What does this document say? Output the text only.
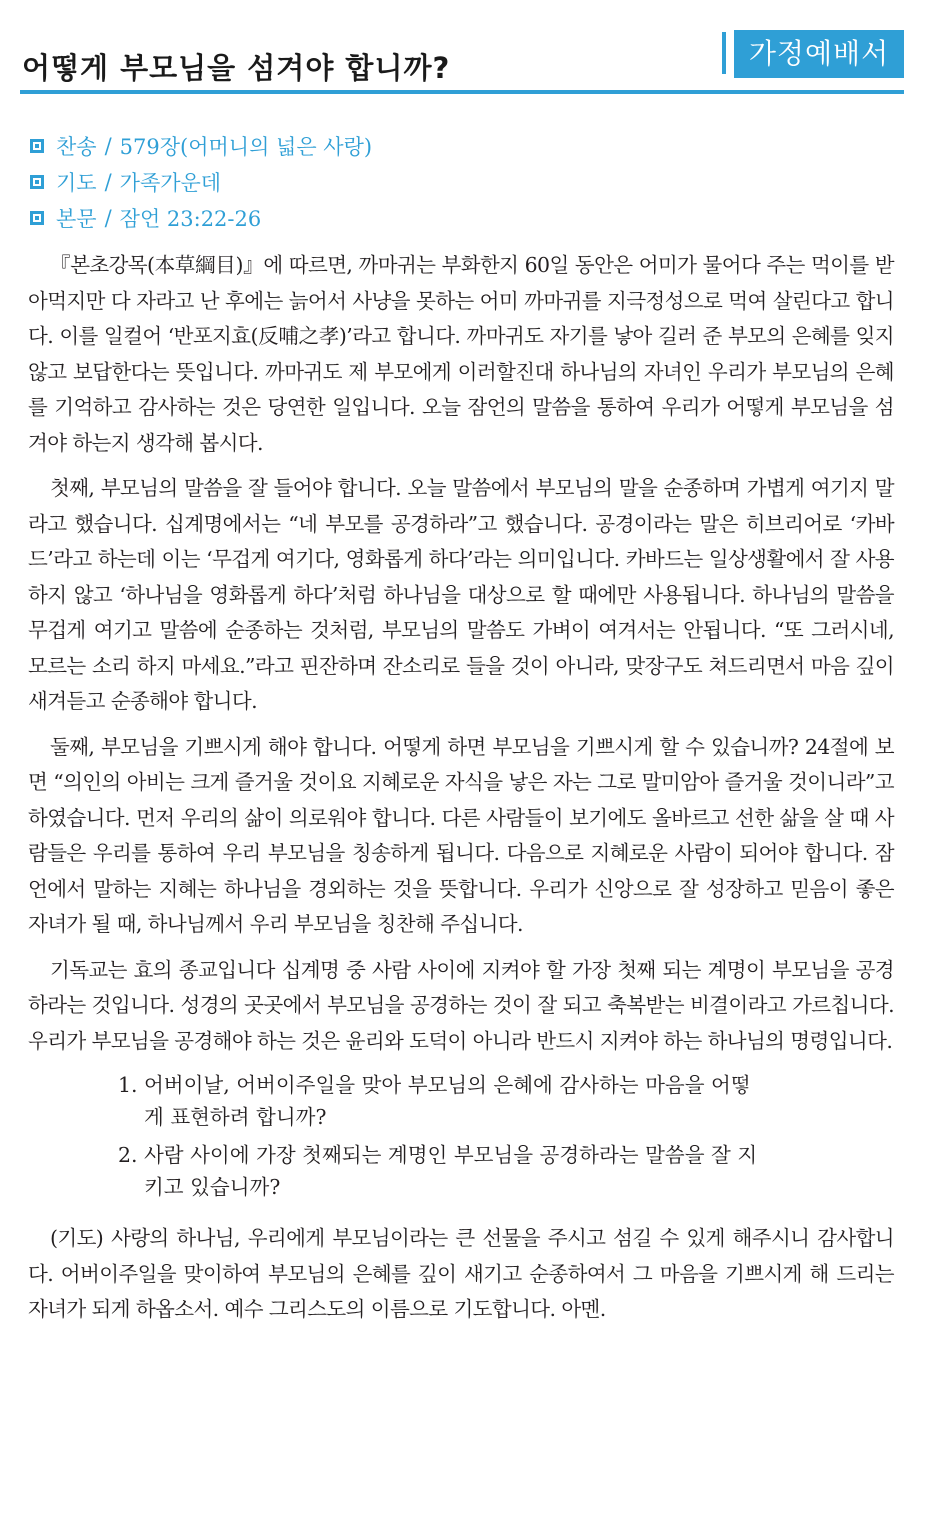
어떻게 부모님을 섬겨야 합니까?	가정예배서
찬송 / 579장(어머니의 넓은 사랑)
기도 / 가족가운데
본문 / 잠언 23:22-26

『본초강목(本草綱目)』에 따르면, 까마귀는 부화한지 60일 동안은 어미가 물어다 주는 먹이를 받아먹지만 다 자라고 난 후에는 늙어서 사냥을 못하는 어미 까마귀를 지극정성으로 먹여 살린다고 합니다. 이를 일컬어 ‘반포지효(反哺之孝)’라고 합니다. 까마귀도 자기를 낳아 길러 준 부모의 은혜를 잊지 않고 보답한다는 뜻입니다. 까마귀도 제 부모에게 이러할진대 하나님의 자녀인 우리가 부모님의 은혜를 기억하고 감사하는 것은 당연한 일입니다. 오늘 잠언의 말씀을 통하여 우리가 어떻게 부모님을 섬겨야 하는지 생각해 봅시다.

첫째, 부모님의 말씀을 잘 들어야 합니다. 오늘 말씀에서 부모님의 말을 순종하며 가볍게 여기지 말라고 했습니다. 십계명에서는 “네 부모를 공경하라”고 했습니다. 공경이라는 말은 히브리어로 ‘카바드’라고 하는데 이는 ‘무겁게 여기다, 영화롭게 하다’라는 의미입니다. 카바드는 일상생활에서 잘 사용하지 않고 ‘하나님을 영화롭게 하다’처럼 하나님을 대상으로 할 때에만 사용됩니다. 하나님의 말씀을 무겁게 여기고 말씀에 순종하는 것처럼, 부모님의 말씀도 가벼이 여겨서는 안됩니다. “또 그러시네, 모르는 소리 하지 마세요.”라고 핀잔하며 잔소리로 들을 것이 아니라, 맞장구도 쳐드리면서 마음 깊이 새겨듣고 순종해야 합니다.

둘째, 부모님을 기쁘시게 해야 합니다. 어떻게 하면 부모님을 기쁘시게 할 수 있습니까? 24절에 보면 “의인의 아비는 크게 즐거울 것이요 지혜로운 자식을 낳은 자는 그로 말미암아 즐거울 것이니라”고 하였습니다. 먼저 우리의 삶이 의로워야 합니다. 다른 사람들이 보기에도 올바르고 선한 삶을 살 때 사람들은 우리를 통하여 우리 부모님을 칭송하게 됩니다. 다음으로 지혜로운 사람이 되어야 합니다. 잠언에서 말하는 지혜는 하나님을 경외하는 것을 뜻합니다. 우리가 신앙으로 잘 성장하고 믿음이 좋은 자녀가 될 때, 하나님께서 우리 부모님을 칭찬해 주십니다.

기독교는 효의 종교입니다 십계명 중 사람 사이에 지켜야 할 가장 첫째 되는 계명이 부모님을 공경하라는 것입니다. 성경의 곳곳에서 부모님을 공경하는 것이 잘 되고 축복받는 비결이라고 가르칩니다. 우리가 부모님을 공경해야 하는 것은 윤리와 도덕이 아니라 반드시 지켜야 하는 하나님의 명령입니다.

1. 어버이날, 어버이주일을 맞아 부모님의 은혜에 감사하는 마음을 어떻게 표현하려 합니까?
2. 사람 사이에 가장 첫째되는 계명인 부모님을 공경하라는 말씀을 잘 지키고 있습니까?

(기도) 사랑의 하나님, 우리에게 부모님이라는 큰 선물을 주시고 섬길 수 있게 해주시니 감사합니다. 어버이주일을 맞이하여 부모님의 은혜를 깊이 새기고 순종하여서 그 마음을 기쁘시게 해 드리는 자녀가 되게 하옵소서. 예수 그리스도의 이름으로 기도합니다. 아멘.
